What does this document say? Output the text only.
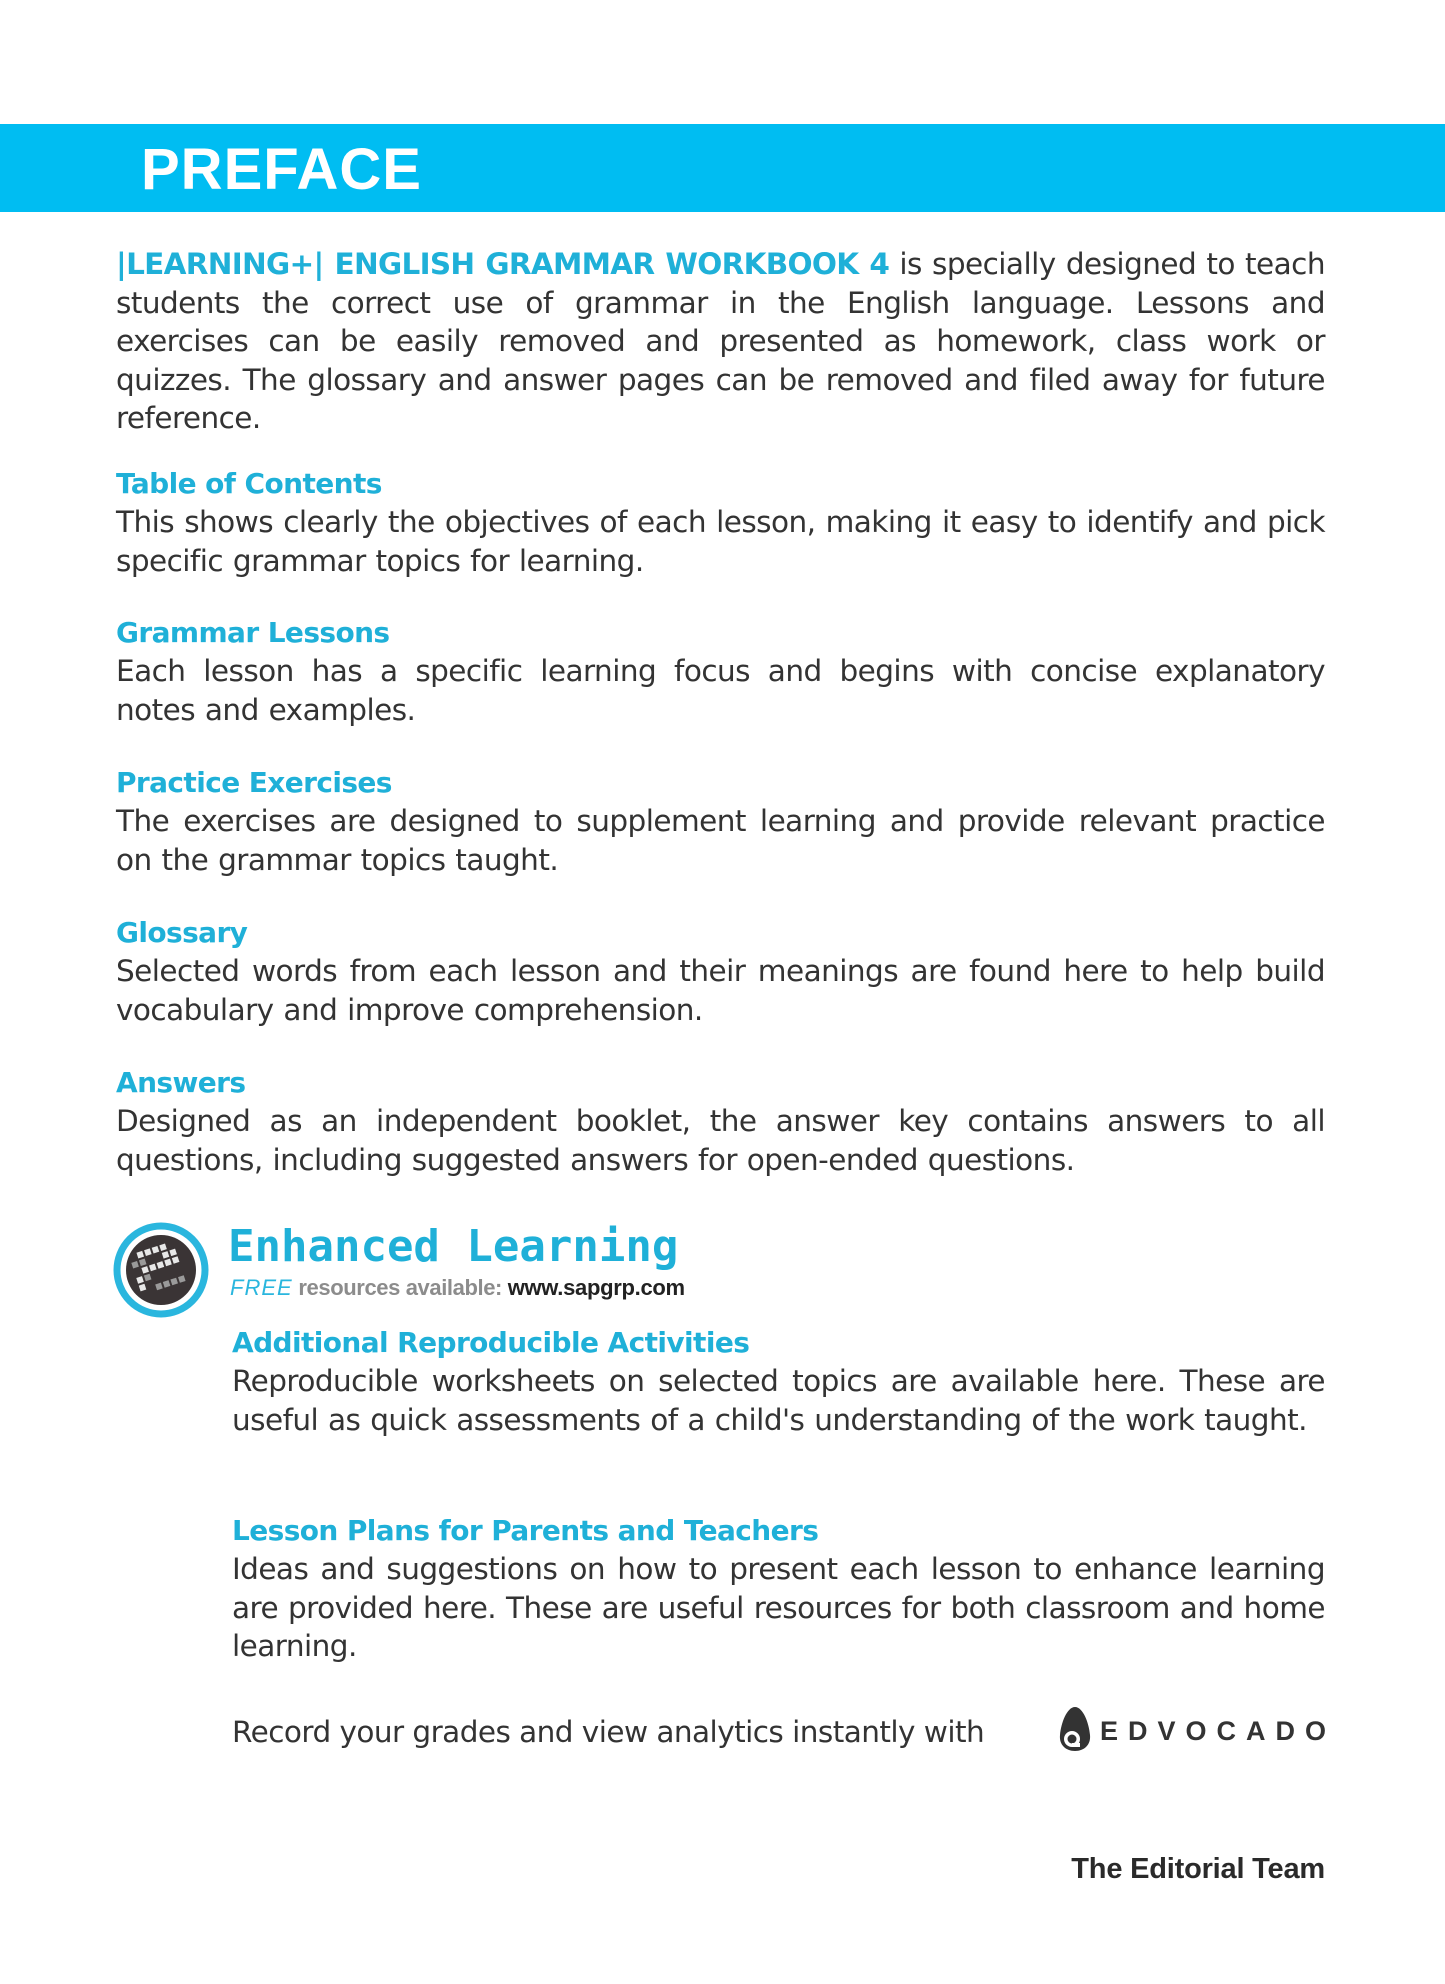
PREFACE

|LEARNING+| ENGLISH GRAMMAR WORKBOOK 4 is specially designed to teach students the correct use of grammar in the English language. Lessons and exercises can be easily removed and presented as homework, class work or quizzes. The glossary and answer pages can be removed and filed away for future reference.

Table of Contents

This shows clearly the objectives of each lesson, making it easy to identify and pick specific grammar topics for learning.

Grammar Lessons

Each lesson has a specific learning focus and begins with concise explanatory notes and examples.

Practice Exercises

The exercises are designed to supplement learning and provide relevant practice on the grammar topics taught.

Glossary

Selected words from each lesson and their meanings are found here to help build vocabulary and improve comprehension.

Answers

Designed as an independent booklet, the answer key contains answers to all questions, including suggested answers for open-ended questions.

Enhanced Learning
FREE resources available: www.sapgrp.com

Additional Reproducible Activities

Reproducible worksheets on selected topics are available here. These are useful as quick assessments of a child's understanding of the work taught.

Lesson Plans for Parents and Teachers

Ideas and suggestions on how to present each lesson to enhance learning are provided here. These are useful resources for both classroom and home learning.

Record your grades and view analytics instantly with	EDVOCADO
The Editorial Team
